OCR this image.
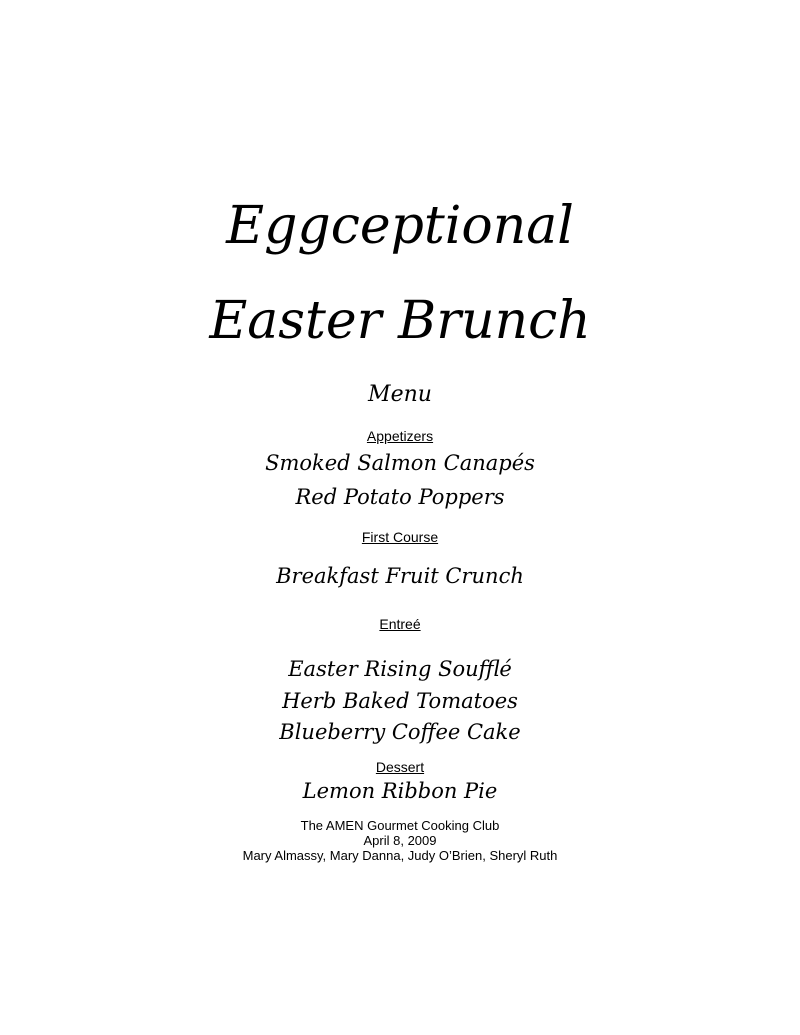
Eggceptional
Easter Brunch
Menu
Appetizers
Smoked Salmon Canapés
Red Potato Poppers
First Course
Breakfast Fruit Crunch
Entreé
Easter Rising Soufflé
Herb Baked Tomatoes
Blueberry Coffee Cake
Dessert
Lemon Ribbon Pie
The AMEN Gourmet Cooking Club
April 8, 2009
Mary Almassy, Mary Danna, Judy O’Brien, Sheryl Ruth
